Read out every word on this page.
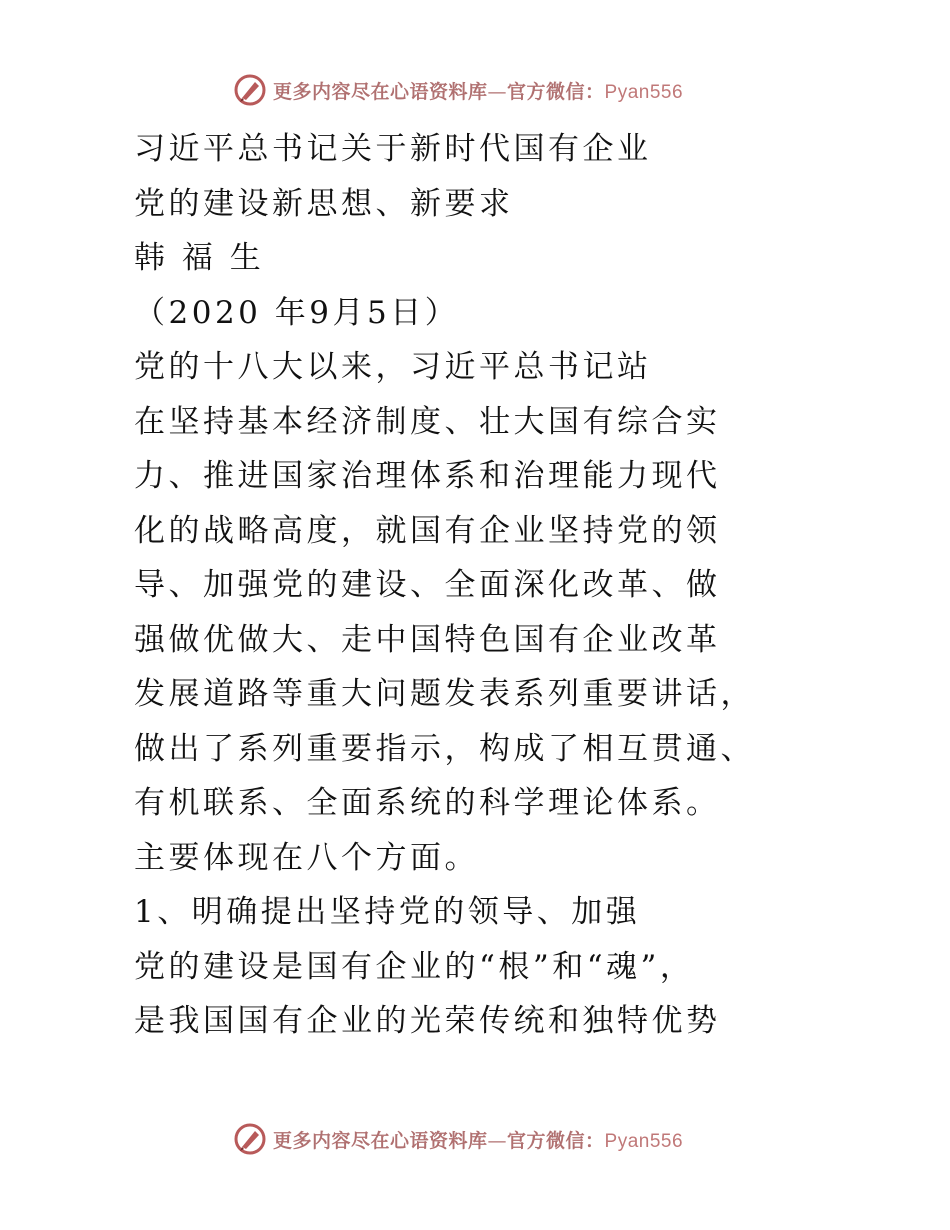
更多内容尽在心语资料库—官方微信：Pyan556
习近平总书记关于新时代国有企业
党的建设新思想、新要求
韩 福 生
（2020 年9月5日）
党的十八大以来，习近平总书记站
在坚持基本经济制度、壮大国有综合实
力、推进国家治理体系和治理能力现代
化的战略高度，就国有企业坚持党的领
导、加强党的建设、全面深化改革、做
强做优做大、走中国特色国有企业改革
发展道路等重大问题发表系列重要讲话，
做出了系列重要指示，构成了相互贯通、
有机联系、全面系统的科学理论体系。
主要体现在八个方面。
1、明确提出坚持党的领导、加强
党的建设是国有企业的“根”和“魂”，
是我国国有企业的光荣传统和独特优势
更多内容尽在心语资料库—官方微信：Pyan556
